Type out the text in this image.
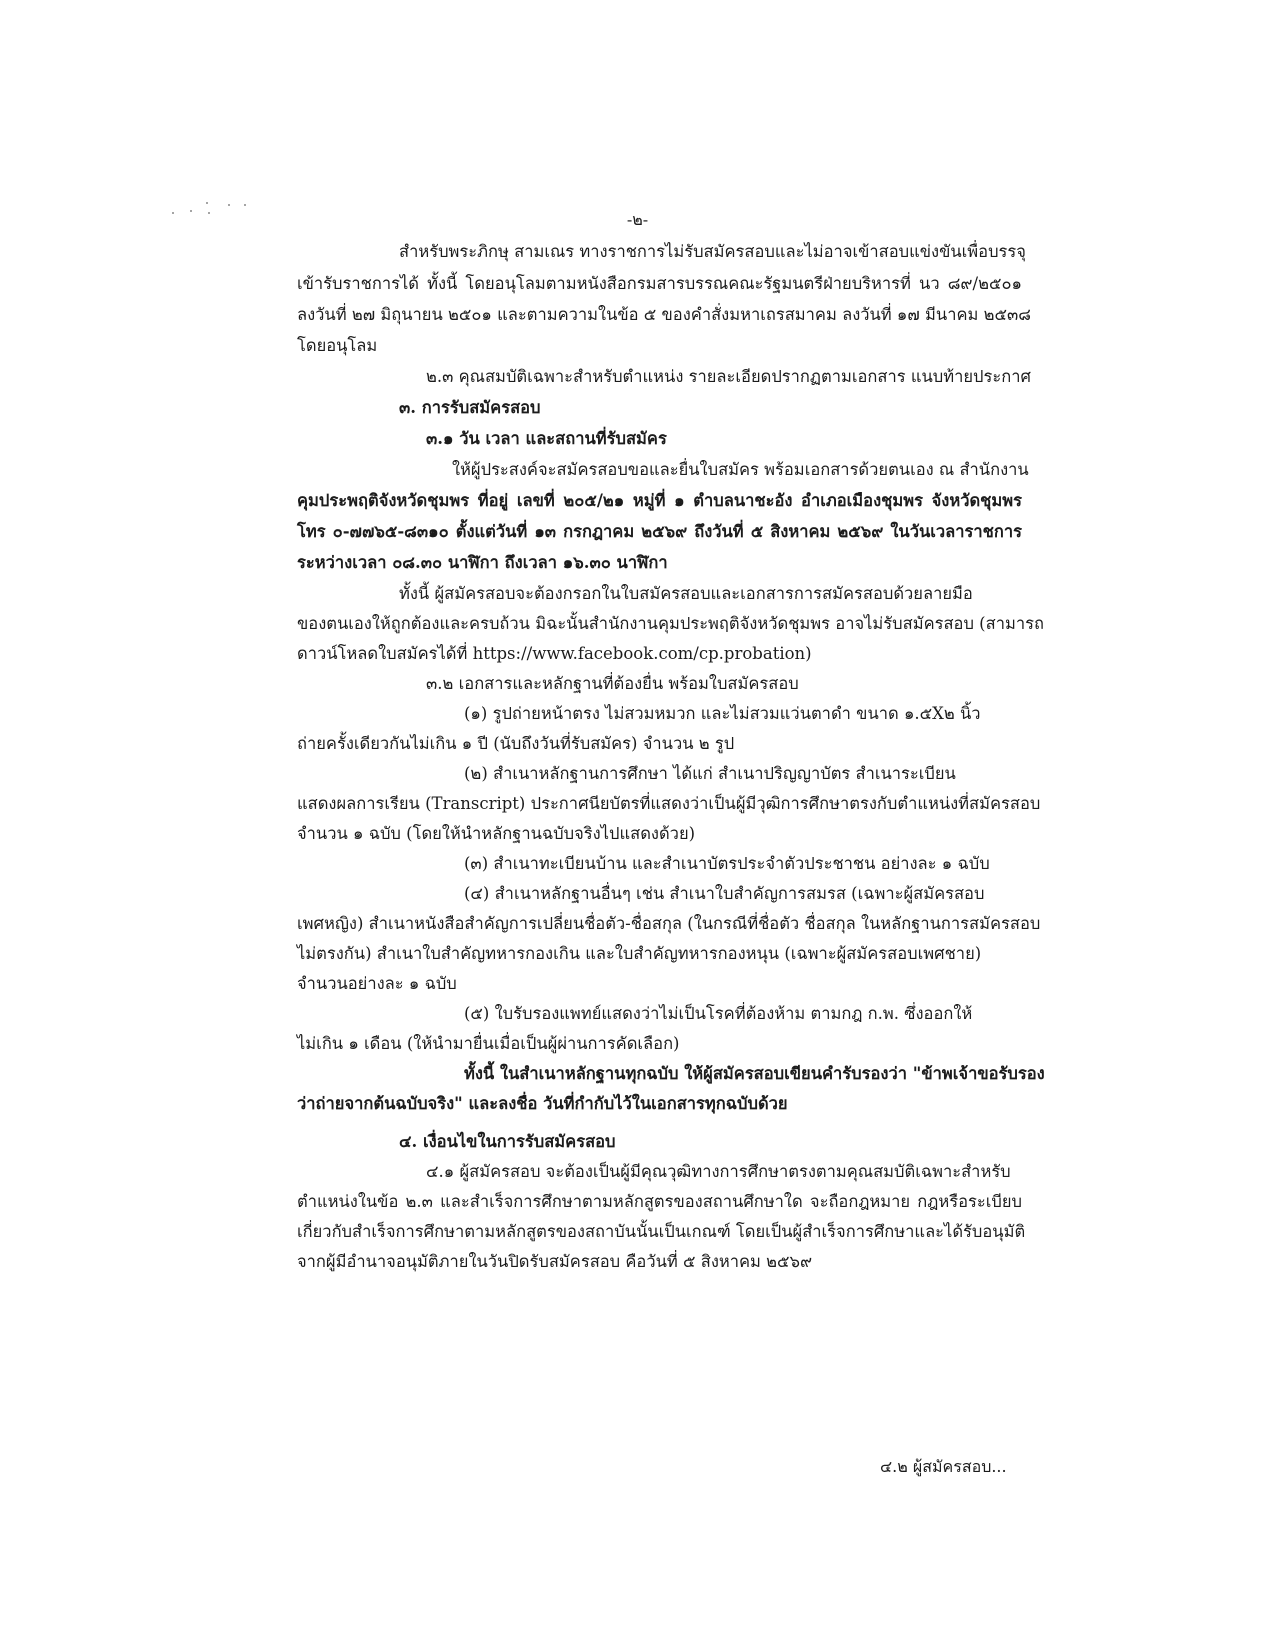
-๒-
สำหรับพระภิกษุ สามเณร ทางราชการไม่รับสมัครสอบและไม่อาจเข้าสอบแข่งขันเพื่อบรรจุ
เข้ารับราชการได้ ทั้งนี้ โดยอนุโลมตามหนังสือกรมสารบรรณคณะรัฐมนตรีฝ่ายบริหารที่ นว ๘๙/๒๕๐๑
ลงวันที่ ๒๗ มิถุนายน ๒๕๐๑ และตามความในข้อ ๕ ของคำสั่งมหาเถรสมาคม ลงวันที่ ๑๗ มีนาคม ๒๕๓๘
โดยอนุโลม
๒.๓ คุณสมบัติเฉพาะสำหรับตำแหน่ง รายละเอียดปรากฏตามเอกสาร แนบท้ายประกาศ
๓. การรับสมัครสอบ
๓.๑ วัน เวลา และสถานที่รับสมัคร
ให้ผู้ประสงค์จะสมัครสอบขอและยื่นใบสมัคร พร้อมเอกสารด้วยตนเอง ณ สำนักงาน
คุมประพฤติจังหวัดชุมพร ที่อยู่ เลขที่ ๒๐๕/๒๑ หมู่ที่ ๑ ตำบลนาชะอัง อำเภอเมืองชุมพร จังหวัดชุมพร
โทร ๐-๗๗๖๕-๘๓๑๐ ตั้งแต่วันที่ ๑๓ กรกฎาคม ๒๕๖๙ ถึงวันที่ ๕ สิงหาคม ๒๕๖๙ ในวันเวลาราชการ
ระหว่างเวลา ๐๘.๓๐ นาฬิกา ถึงเวลา ๑๖.๓๐ นาฬิกา
ทั้งนี้ ผู้สมัครสอบจะต้องกรอกในใบสมัครสอบและเอกสารการสมัครสอบด้วยลายมือ
ของตนเองให้ถูกต้องและครบถ้วน มิฉะนั้นสำนักงานคุมประพฤติจังหวัดชุมพร อาจไม่รับสมัครสอบ (สามารถ
ดาวน์โหลดใบสมัครได้ที่ https://www.facebook.com/cp.probation)
๓.๒ เอกสารและหลักฐานที่ต้องยื่น พร้อมใบสมัครสอบ
(๑) รูปถ่ายหน้าตรง ไม่สวมหมวก และไม่สวมแว่นตาดำ ขนาด ๑.๕X๒ นิ้ว
ถ่ายครั้งเดียวกันไม่เกิน ๑ ปี (นับถึงวันที่รับสมัคร) จำนวน ๒ รูป
(๒) สำเนาหลักฐานการศึกษา ได้แก่ สำเนาปริญญาบัตร สำเนาระเบียน
แสดงผลการเรียน (Transcript) ประกาศนียบัตรที่แสดงว่าเป็นผู้มีวุฒิการศึกษาตรงกับตำแหน่งที่สมัครสอบ
จำนวน ๑ ฉบับ (โดยให้นำหลักฐานฉบับจริงไปแสดงด้วย)
(๓) สำเนาทะเบียนบ้าน และสำเนาบัตรประจำตัวประชาชน อย่างละ ๑ ฉบับ
(๔) สำเนาหลักฐานอื่นๆ เช่น สำเนาใบสำคัญการสมรส (เฉพาะผู้สมัครสอบ
เพศหญิง) สำเนาหนังสือสำคัญการเปลี่ยนชื่อตัว-ชื่อสกุล (ในกรณีที่ชื่อตัว ชื่อสกุล ในหลักฐานการสมัครสอบ
ไม่ตรงกัน) สำเนาใบสำคัญทหารกองเกิน และใบสำคัญทหารกองหนุน (เฉพาะผู้สมัครสอบเพศชาย)
จำนวนอย่างละ ๑ ฉบับ
(๕) ใบรับรองแพทย์แสดงว่าไม่เป็นโรคที่ต้องห้าม ตามกฎ ก.พ. ซึ่งออกให้
ไม่เกิน ๑ เดือน (ให้นำมายื่นเมื่อเป็นผู้ผ่านการคัดเลือก)
ทั้งนี้ ในสำเนาหลักฐานทุกฉบับ ให้ผู้สมัครสอบเขียนคำรับรองว่า "ข้าพเจ้าขอรับรอง
ว่าถ่ายจากต้นฉบับจริง" และลงชื่อ วันที่กำกับไว้ในเอกสารทุกฉบับด้วย
๔. เงื่อนไขในการรับสมัครสอบ
๔.๑ ผู้สมัครสอบ จะต้องเป็นผู้มีคุณวุฒิทางการศึกษาตรงตามคุณสมบัติเฉพาะสำหรับ
ตำแหน่งในข้อ ๒.๓ และสำเร็จการศึกษาตามหลักสูตรของสถานศึกษาใด จะถือกฎหมาย กฎหรือระเบียบ
เกี่ยวกับสำเร็จการศึกษาตามหลักสูตรของสถาบันนั้นเป็นเกณฑ์ โดยเป็นผู้สำเร็จการศึกษาและได้รับอนุมัติ
จากผู้มีอำนาจอนุมัติภายในวันปิดรับสมัครสอบ คือวันที่ ๕ สิงหาคม ๒๕๖๙
๔.๒ ผู้สมัครสอบ...
